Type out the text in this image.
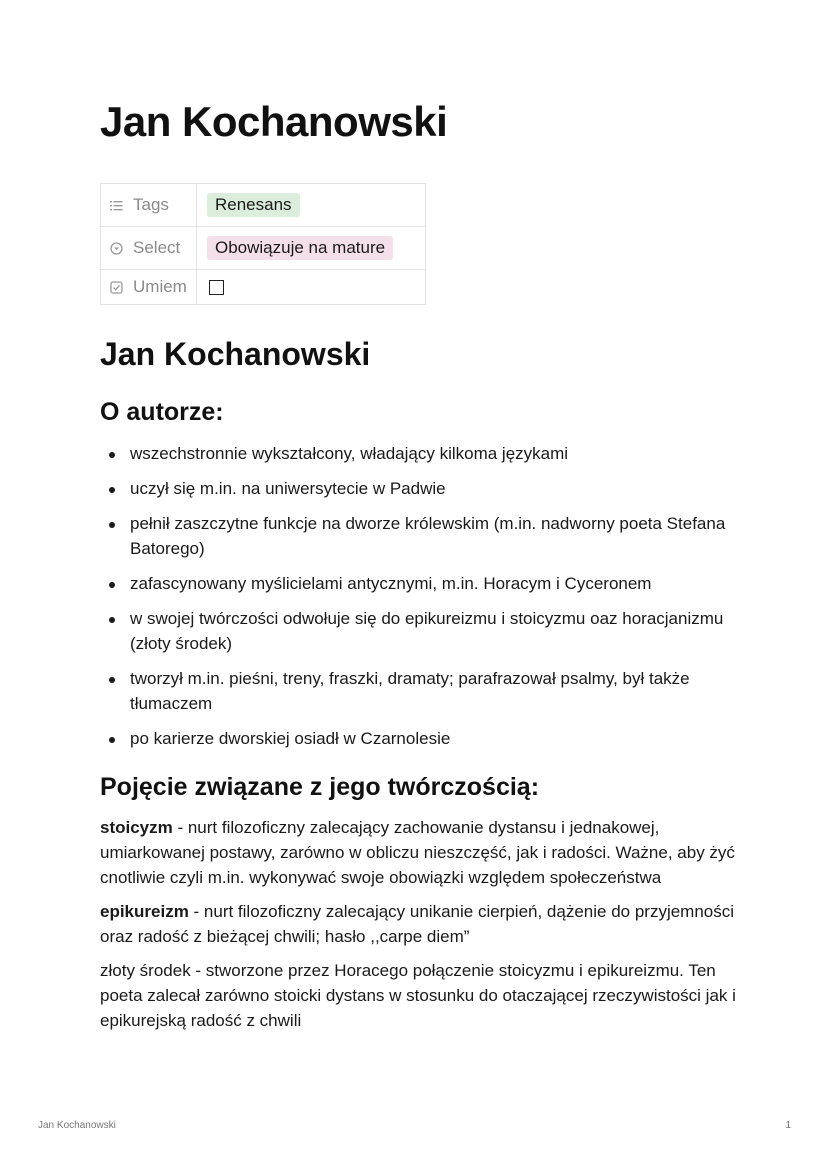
Jan Kochanowski
Tags	Renesans

Select	Obowiązuje na mature

Umiem	

Jan Kochanowski
O autorze:
wszechstronnie wykształcony, władający kilkoma językami
uczył się m.in. na uniwersytecie w Padwie
pełnił zaszczytne funkcje na dworze królewskim (m.in. nadworny poeta Stefana Batorego)
zafascynowany myślicielami antycznymi, m.in. Horacym i Cyceronem
w swojej twórczości odwołuje się do epikureizmu i stoicyzmu oaz horacjanizmu (złoty środek)
tworzył m.in. pieśni, treny, fraszki, dramaty; parafrazował psalmy, był także tłumaczem
po karierze dworskiej osiadł w Czarnolesie
Pojęcie związane z jego twórczością:

stoicyzm - nurt filozoficzny zalecający zachowanie dystansu i jednakowej, umiarkowanej postawy, zarówno w obliczu nieszczęść, jak i radości. Ważne, aby żyć cnotliwie czyli m.in. wykonywać swoje obowiązki względem społeczeństwa

epikureizm - nurt filozoficzny zalecający unikanie cierpień, dążenie do przyjemności oraz radość z bieżącej chwili; hasło ,,carpe diem”

złoty środek - stworzone przez Horacego połączenie stoicyzmu i epikureizmu. Ten poeta zalecał zarówno stoicki dystans w stosunku do otaczającej rzeczywistości jak i epikurejską radość z chwili

Jan Kochanowski	1
